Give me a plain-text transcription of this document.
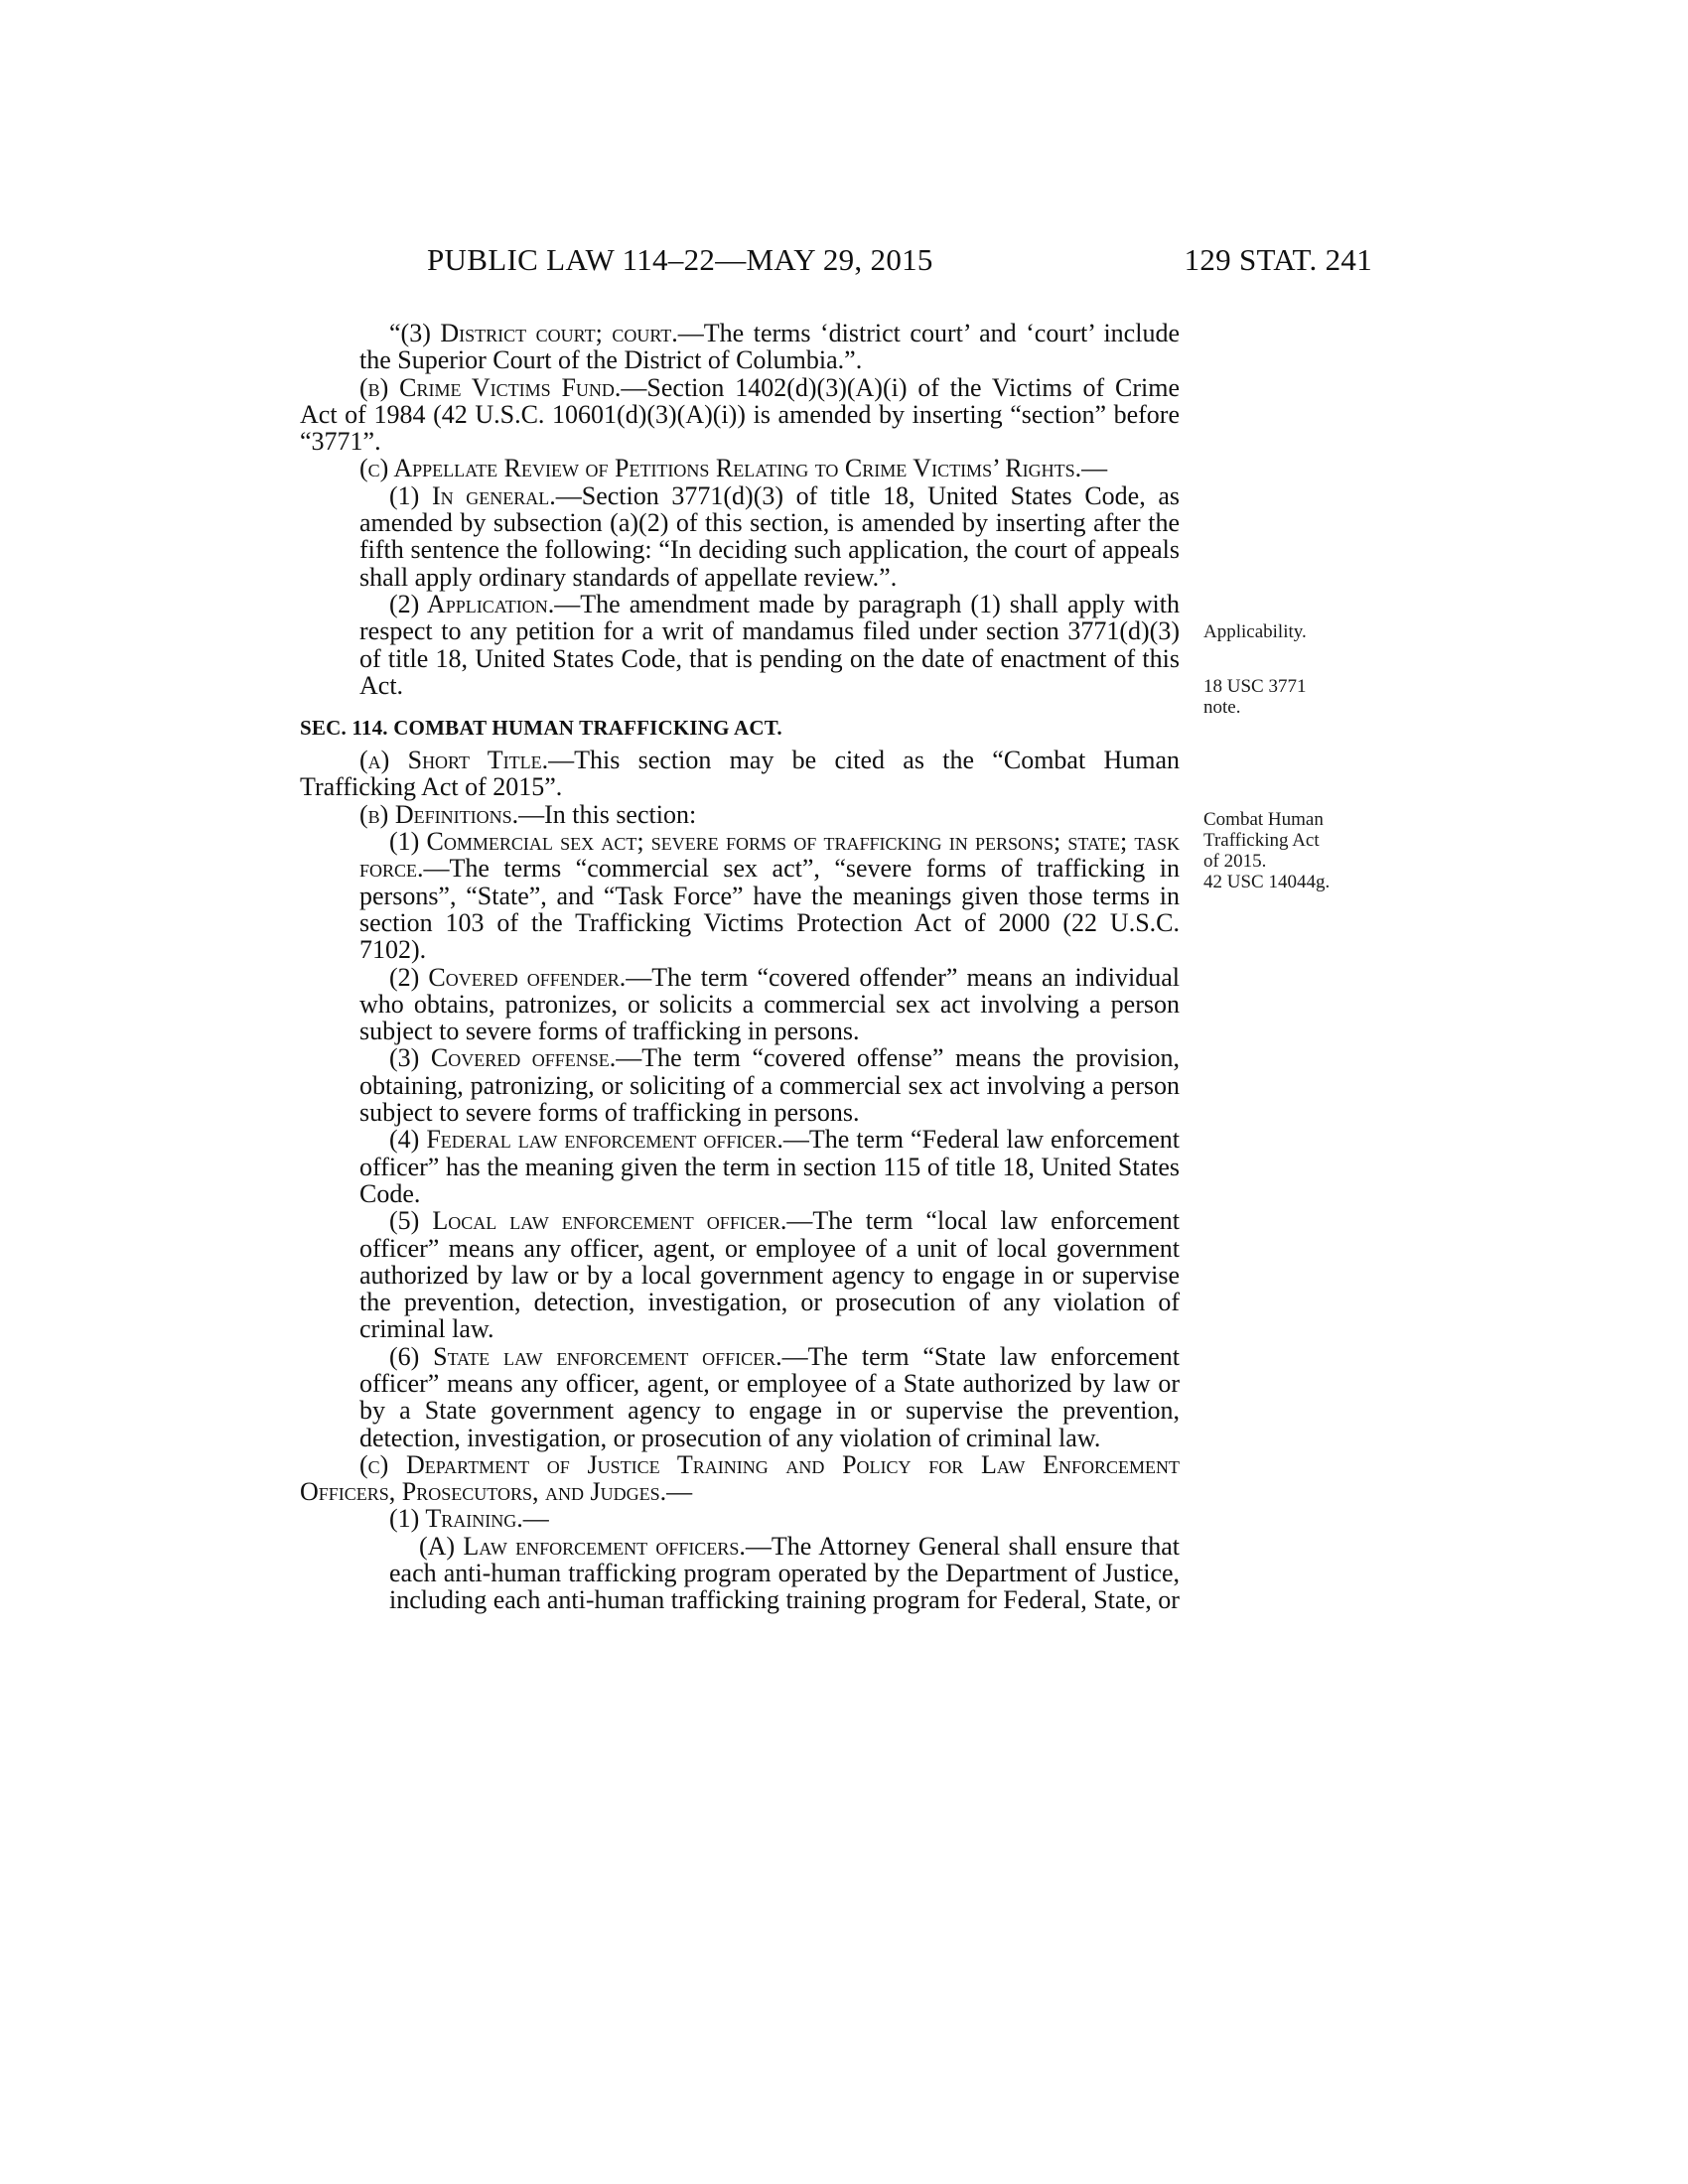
PUBLIC LAW 114–22—MAY 29, 2015	129 STAT. 241

“(3) District court; court.—The terms ‘district court’ and ‘court’ include the Superior Court of the District of Columbia.”.

(b) Crime Victims Fund.—Section 1402(d)(3)(A)(i) of the Victims of Crime Act of 1984 (42 U.S.C. 10601(d)(3)(A)(i)) is amended by inserting “section” before “3771”.

(c) Appellate Review of Petitions Relating to Crime Victims’ Rights.—

(1) In general.—Section 3771(d)(3) of title 18, United States Code, as amended by subsection (a)(2) of this section, is amended by inserting after the fifth sentence the following: “In deciding such application, the court of appeals shall apply ordinary standards of appellate review.”.

(2) Application.—The amendment made by paragraph (1) shall apply with respect to any petition for a writ of mandamus filed under section 3771(d)(3) of title 18, United States Code, that is pending on the date of enactment of this Act.

SEC. 114. COMBAT HUMAN TRAFFICKING ACT.

(a) Short Title.—This section may be cited as the “Combat Human Trafficking Act of 2015”.

(b) Definitions.—In this section:

(1) Commercial sex act; severe forms of trafficking in persons; state; task force.—The terms “commercial sex act”, “severe forms of trafficking in persons”, “State”, and “Task Force” have the meanings given those terms in section 103 of the Trafficking Victims Protection Act of 2000 (22 U.S.C. 7102).

(2) Covered offender.—The term “covered offender” means an individual who obtains, patronizes, or solicits a commercial sex act involving a person subject to severe forms of trafficking in persons.

(3) Covered offense.—The term “covered offense” means the provision, obtaining, patronizing, or soliciting of a commercial sex act involving a person subject to severe forms of trafficking in persons.

(4) Federal law enforcement officer.—The term “Federal law enforcement officer” has the meaning given the term in section 115 of title 18, United States Code.

(5) Local law enforcement officer.—The term “local law enforcement officer” means any officer, agent, or employee of a unit of local government authorized by law or by a local government agency to engage in or supervise the prevention, detection, investigation, or prosecution of any violation of criminal law.

(6) State law enforcement officer.—The term “State law enforcement officer” means any officer, agent, or employee of a State authorized by law or by a State government agency to engage in or supervise the prevention, detection, investigation, or prosecution of any violation of criminal law.

(c) Department of Justice Training and Policy for Law Enforcement Officers, Prosecutors, and Judges.—

(1) Training.—

(A) Law enforcement officers.—The Attorney General shall ensure that each anti-human trafficking program operated by the Department of Justice, including each anti-human trafficking training program for Federal, State, or

Applicability.
18 USC 3771
note.
Combat Human
Trafficking Act
of 2015.
42 USC 14044g.
